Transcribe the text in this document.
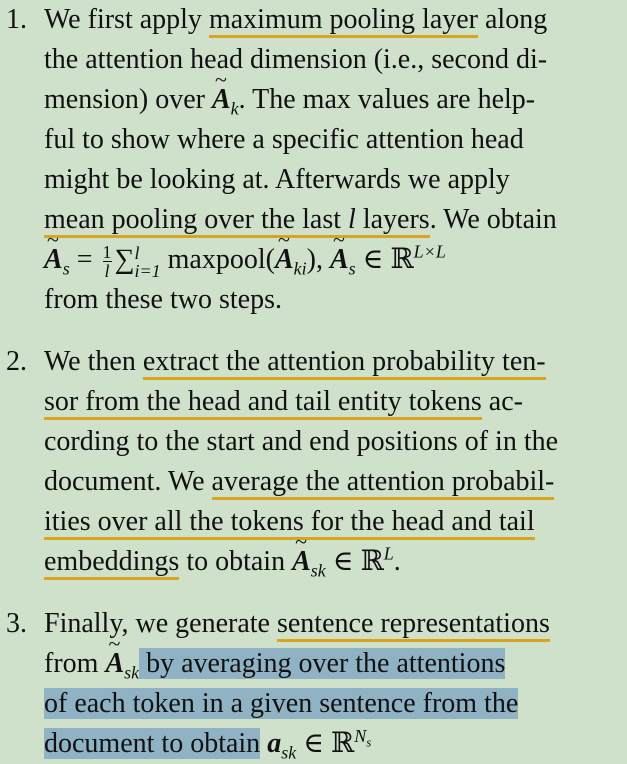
1. We first apply maximum pooling layer along
the attention head dimension (i.e., second di-
mension) over ~ $A_k$. The max values are help-
ful to show where a specific attention head
might be looking at. Afterwards we apply
mean pooling over the last l layers. We obtain
~ $A_s = \frac{1}{l}$ ∑ l
i=1 maxpool(~ $A_{ki}$), ~ $A_s$ ∈ ℝ$^{L\times L}$
from these two steps.
2. We then extract the attention probability ten-
sor from the head and tail entity tokens ac-
cording to the start and end positions of in the
document. We average the attention probabil-
ities over all the tokens for the head and tail
embeddings to obtain ~ $A_{sk}$ ∈ ℝ$^L$.
3. Finally, we generate sentence representations
from ~ $A_{sk}$ by averaging over the attentions
of each token in a given sentence from the
document to obtain $a_{sk}$ ∈ ℝ$^{N_s}$
